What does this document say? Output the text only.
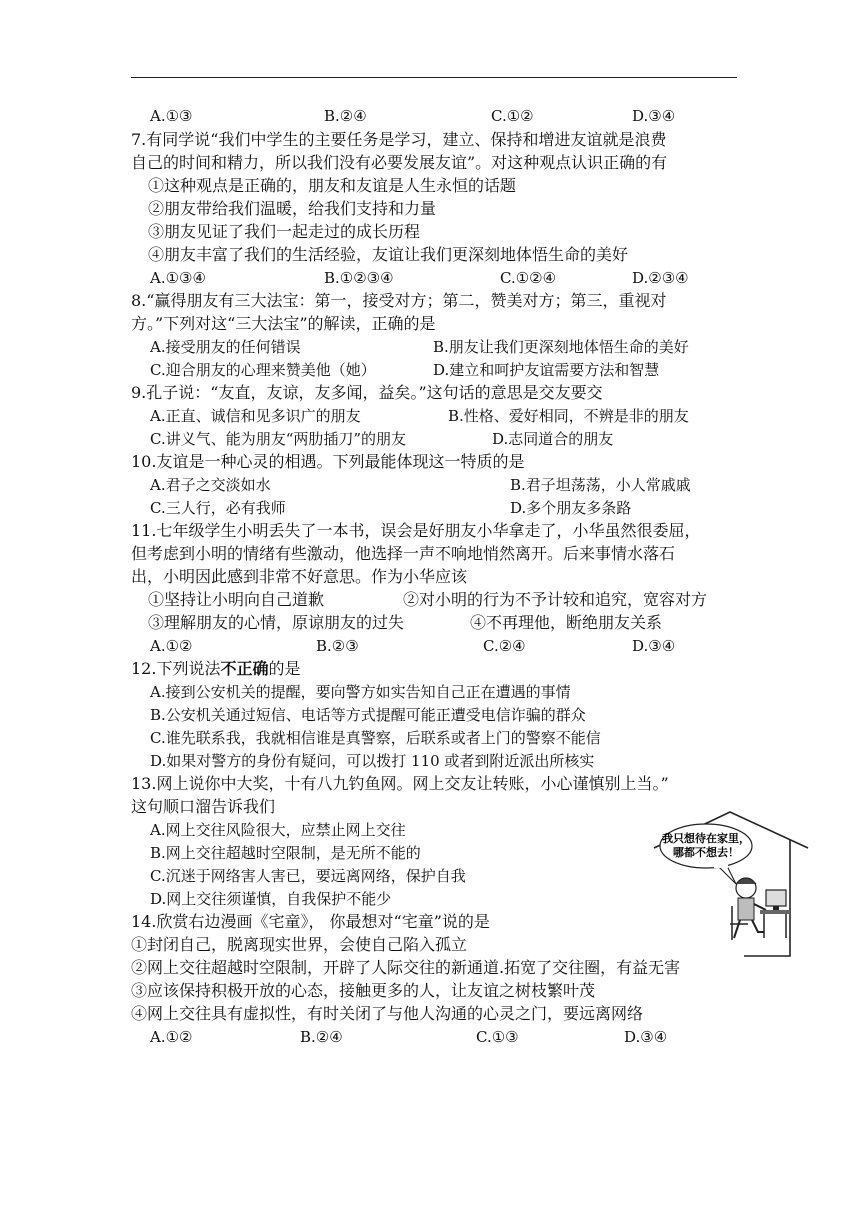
A.①③	B.②④	C.①②	D.③④
7.有同学说“我们中学生的主要任务是学习，建立、保持和增进友谊就是浪费
自己的时间和精力，所以我们没有必要发展友谊”。对这种观点认识正确的有
①这种观点是正确的，朋友和友谊是人生永恒的话题
②朋友带给我们温暖，给我们支持和力量
③朋友见证了我们一起走过的成长历程
④朋友丰富了我们的生活经验，友谊让我们更深刻地体悟生命的美好
A.①③④	B.①②③④	C.①②④	D.②③④
8.“赢得朋友有三大法宝：第一，接受对方；第二，赞美对方；第三，重视对
方。”下列对这“三大法宝”的解读，正确的是
A.接受朋友的任何错误	B.朋友让我们更深刻地体悟生命的美好
C.迎合朋友的心理来赞美他（她）	D.建立和呵护友谊需要方法和智慧
9.孔子说：“友直，友谅，友多闻，益矣。”这句话的意思是交友要交
A.正直、诚信和见多识广的朋友	B.性格、爱好相同，不辨是非的朋友
C.讲义气、能为朋友“两肋插刀”的朋友	D.志同道合的朋友
10.友谊是一种心灵的相遇。下列最能体现这一特质的是
A.君子之交淡如水	B.君子坦荡荡，小人常戚戚
C.三人行，必有我师	D.多个朋友多条路
11.七年级学生小明丢失了一本书，误会是好朋友小华拿走了，小华虽然很委屈，
但考虑到小明的情绪有些激动，他选择一声不响地悄然离开。后来事情水落石
出，小明因此感到非常不好意思。作为小华应该
①坚持让小明向自己道歉	②对小明的行为不予计较和追究，宽容对方
③理解朋友的心情，原谅朋友的过失	④不再理他，断绝朋友关系
A.①②	B.②③	C.②④	D.③④
12.下列说法不正确的是
A.接到公安机关的提醒，要向警方如实告知自己正在遭遇的事情
B.公安机关通过短信、电话等方式提醒可能正遭受电信诈骗的群众
C.谁先联系我，我就相信谁是真警察，后联系或者上门的警察不能信
D.如果对警方的身份有疑问，可以拨打 110 或者到附近派出所核实
13.网上说你中大奖，十有八九钓鱼网。网上交友让转账，小心谨慎别上当。”
这句顺口溜告诉我们
A.网上交往风险很大，应禁止网上交往
B.网上交往超越时空限制，是无所不能的
C.沉迷于网络害人害已，要远离网络，保护自我
D.网上交往须谨慎，自我保护不能少
14.欣赏右边漫画《宅童》， 你最想对“宅童”说的是
①封闭自己，脱离现实世界，会使自己陷入孤立
②网上交往超越时空限制，开辟了人际交往的新通道.拓宽了交往圈，有益无害
③应该保持积极开放的心态，接触更多的人，让友谊之树枝繁叶茂
④网上交往具有虚拟性，有时关闭了与他人沟通的心灵之门，要远离网络
A.①②	B.②④	C.①③	D.③④
我只想待在家里，
哪都不想去！
